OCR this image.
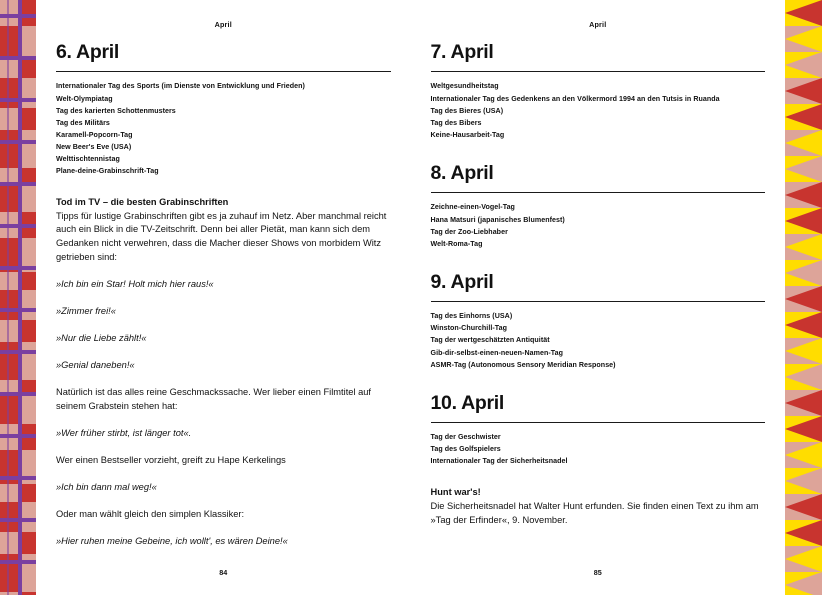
April
6. April
Internationaler Tag des Sports (im Dienste von Entwicklung und Frieden)
Welt-Olympiatag
Tag des karierten Schottenmusters
Tag des Militärs
Karamell-Popcorn-Tag
New Beer's Eve (USA)
Welttischtennistag
Plane-deine-Grabinschrift-Tag
Tod im TV – die besten Grabinschriften

Tipps für lustige Grabinschriften gibt es ja zuhauf im Netz. Aber manchmal reicht auch ein Blick in die TV-Zeitschrift. Denn bei aller Pietät, man kann sich dem Gedanken nicht verwehren, dass die Macher dieser Shows von morbidem Witz getrieben sind:

»Ich bin ein Star! Holt mich hier raus!«

»Zimmer frei!«

»Nur die Liebe zählt!«

»Genial daneben!«

Natürlich ist das alles reine Geschmackssache. Wer lieber einen Filmtitel auf seinem Grabstein stehen hat:

»Wer früher stirbt, ist länger tot«.

Wer einen Bestseller vorzieht, greift zu Hape Kerkelings

»Ich bin dann mal weg!«

Oder man wählt gleich den simplen Klassiker:

»Hier ruhen meine Gebeine, ich wollt', es wären Deine!«

84
April
7. April
Weltgesundheitstag
Internationaler Tag des Gedenkens an den Völkermord 1994 an den Tutsis in Ruanda
Tag des Bieres (USA)
Tag des Bibers
Keine-Hausarbeit-Tag
8. April
Zeichne-einen-Vogel-Tag
Hana Matsuri (japanisches Blumenfest)
Tag der Zoo-Liebhaber
Welt-Roma-Tag
9. April
Tag des Einhorns (USA)
Winston-Churchill-Tag
Tag der wertgeschätzten Antiquität
Gib-dir-selbst-einen-neuen-Namen-Tag
ASMR-Tag (Autonomous Sensory Meridian Response)
10. April
Tag der Geschwister
Tag des Golfspielers
Internationaler Tag der Sicherheitsnadel
Hunt war's!

Die Sicherheitsnadel hat Walter Hunt erfunden. Sie finden einen Text zu ihm am »Tag der Erfinder«, 9. November.

85
